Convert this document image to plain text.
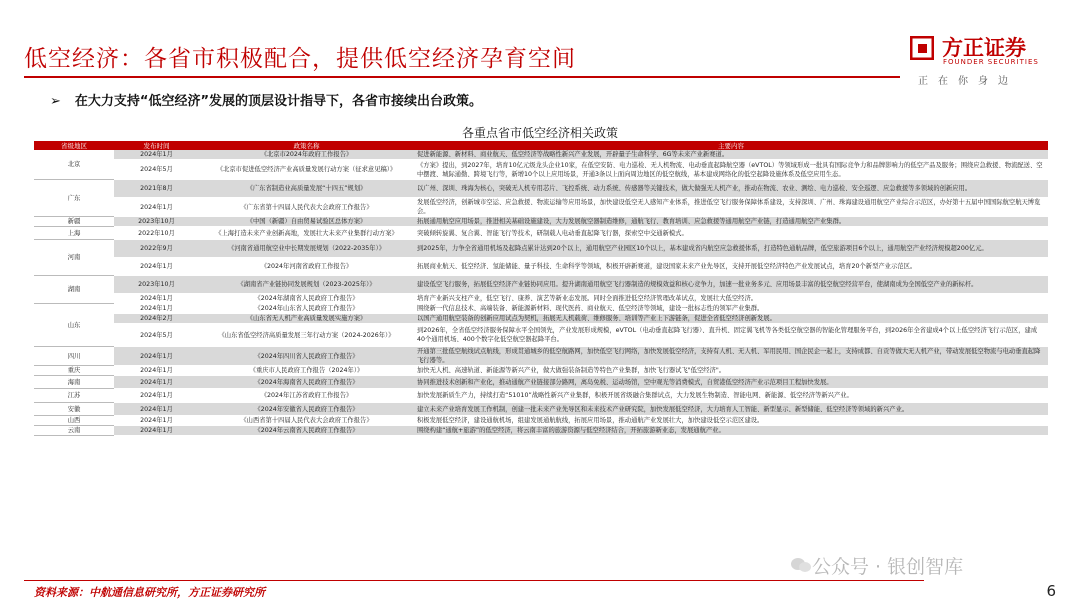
低空经济：各省市积极配合，提供低空经济孕育空间	方正证券
FOUNDER SECURITIES
正在你身边
➢ 在大力支持“低空经济”发展的顶层设计指导下，各省市接续出台政策。
各重点省市低空经济相关政策
省级地区	发布时间	政策名称	主要内容
北京	2024年1月	《北京市2024年政府工作报告》	促进新能源、新材料、商业航天、低空经济等战略性新兴产业发展，开辟量子生命科学、6G等未来产业新赛道。
	2024年5月	《北京市促进低空经济产业高质量发展行动方案（征求意见稿）》	《方案》提出，到2027年，培育10亿元级龙头企业10家，在低空安防、电力巡检、无人机物流、电动垂直起降航空器（eVTOL）等领域形成一批具有国际竞争力和品牌影响力的低空产品及服务；围绕应急救援、物流配送、空中摆渡、城际通勤、跨境飞行等，新增10个以上应用场景，开通3条以上面向周边地区的低空航线，基本建成网络化的低空起降设施体系及低空应用生态。
广东	2021年8月	《广东省制造业高质量发展“十四五”规划》	以广州、深圳、珠海为核心，突破无人机专用芯片、飞控系统、动力系统、传感器等关键技术，做大做强无人机产业，推动在物流、农业、测绘、电力巡检、安全巡逻、应急救援等多领域的创新应用。
	2024年1月	《广东省第十四届人民代表大会政府工作报告》	发展低空经济，创新城市空运、应急救援、物流运输等应用场景，加快建设低空无人感知产业体系，推进低空飞行服务保障体系建设，支持深圳、广州、珠海建设通用航空产业综合示范区，办好第十五届中国国际航空航天博览会。
新疆	2023年10月	《中国（新疆）自由贸易试验区总体方案》	拓展通用航空应用场景，推进相关基础设施建设，大力发展航空器制造维修，通航飞行、教育培训、应急救援等通用航空产业链，打造通用航空产业集群。
上海	2022年10月	《上海打造未来产业创新高地，发展壮大未来产业集群行动方案》	突破倾转旋翼、复合翼、智能飞行等技术，研制载人电动垂直起降飞行器，探索空中交通新模式。
河南	2022年9月	《河南省通用航空业中长期发展规划（2022-2035年）》	到2025年，力争全省通用机场及起降点累计达到20个以上，通用航空产业园区10个以上，基本建成省内航空应急救援体系，打造特色通航品牌，低空旅游项目6个以上，通用航空产业经济规模超200亿元。
	2024年1月	《2024年河南省政府工作报告》	拓展商业航天、低空经济、氢能储能、量子科技、生命科学等领域，积极开辟新赛道，建设国家未来产业先导区，支持开展低空经济特色产业发展试点，培育20个新型产业示范区。
湖南	2023年10月	《湖南省产业链协同发展规划（2023-2025年）》	建设低空飞行服务，拓展低空经济产业链协同应用。提升湖南通用航空飞行器制造的规模效益和核心竞争力，加速一批业务多元、应用场景丰富的低空航空经营平台，使湖南成为全国低空产业的新标杆。
	2024年1月	《2024年湖南省人民政府工作报告》	培育产业新兴支柱产业，低空飞行、康养、演艺等新业态发展。同时全面推进低空经济管理改革试点，发展壮大低空经济。
山东	2024年1月	《2024年山东省人民政府工作报告》	围绕新一代信息技术、高端装备、新能源新材料、现代医药、商业航天、低空经济等领域，建设一批标志性的领军产业集群。
	2024年2月	《山东省无人机产业高质量发展实施方案》	以国产通用航空装备的创新应用试点为契机，拓展无人机载荷、维修服务、培训等产业上下游链条，促进全省低空经济创新发展。
	2024年5月	《山东省低空经济高质量发展三年行动方案（2024-2026年）》	到2026年，全省低空经济服务保障水平全国领先，产业发展形成规模，eVTOL（电动垂直起降飞行器）、直升机、固定翼飞机等各类低空航空器的智能化管理服务平台，到2026年全省建成4个以上低空经济飞行示范区，建成40个通用机场、400个数字化低空航空器起降平台。
四川	2024年1月	《2024年四川省人民政府工作报告》	开通第三批低空航线试点航线，形成贯通城乡的低空航路网，加快低空飞行网络，加快发展低空经济，支持有人机、无人机、军用民用、国企民企一起上，支持成都、自贡等做大无人机产业，带动发展低空物流与电动垂直起降飞行器等。
重庆	2024年1月	《重庆市人民政府工作报告（2024年）》	加快无人机、高速轨道、新能源等新兴产业，做大做强装备制造等特色产业集群，加快飞行器试飞"低空经济"。
海南	2024年1月	《2024年海南省人民政府工作报告》	协同推进技术创新和产业化，推动通航产业链接部分路网，离岛免税、运动场馆，空中观光等消费模式，自贸港低空经济产业示范项目工程加快发展。
江苏	2024年1月	《2024年江苏省政府工作报告》	加快发展新质生产力，持续打造“51010”战略性新兴产业集群，积极开展省级融合集群试点，大力发展生物制造、智能电网、新能源、低空经济等新兴产业。
安徽	2024年1月	《2024年安徽省人民政府工作报告》	建立未来产业培育发展工作机制，创建一批未来产业先导区和未来技术产业研究院，加快发展低空经济，大力培育人工智能、新型显示、新型储能、低空经济等领域的新兴产业。
山西	2024年1月	《山西省第十四届人民代表大会政府工作报告》	积极发展低空经济，建设通航机场，组建发展通航航线，拓展应用场景，推动通航产业发展壮大，加快建设低空示范区建设。
云南	2024年1月	《2024年云南省人民政府工作报告》	围绕构建“通航+旅游”的低空经济，将云南丰富的旅游资源与低空经济结合，开拓旅游新业态，发展通航产业。
资料来源：中航通信息研究所，方正证券研究所
公众号 · 银创智库
6
